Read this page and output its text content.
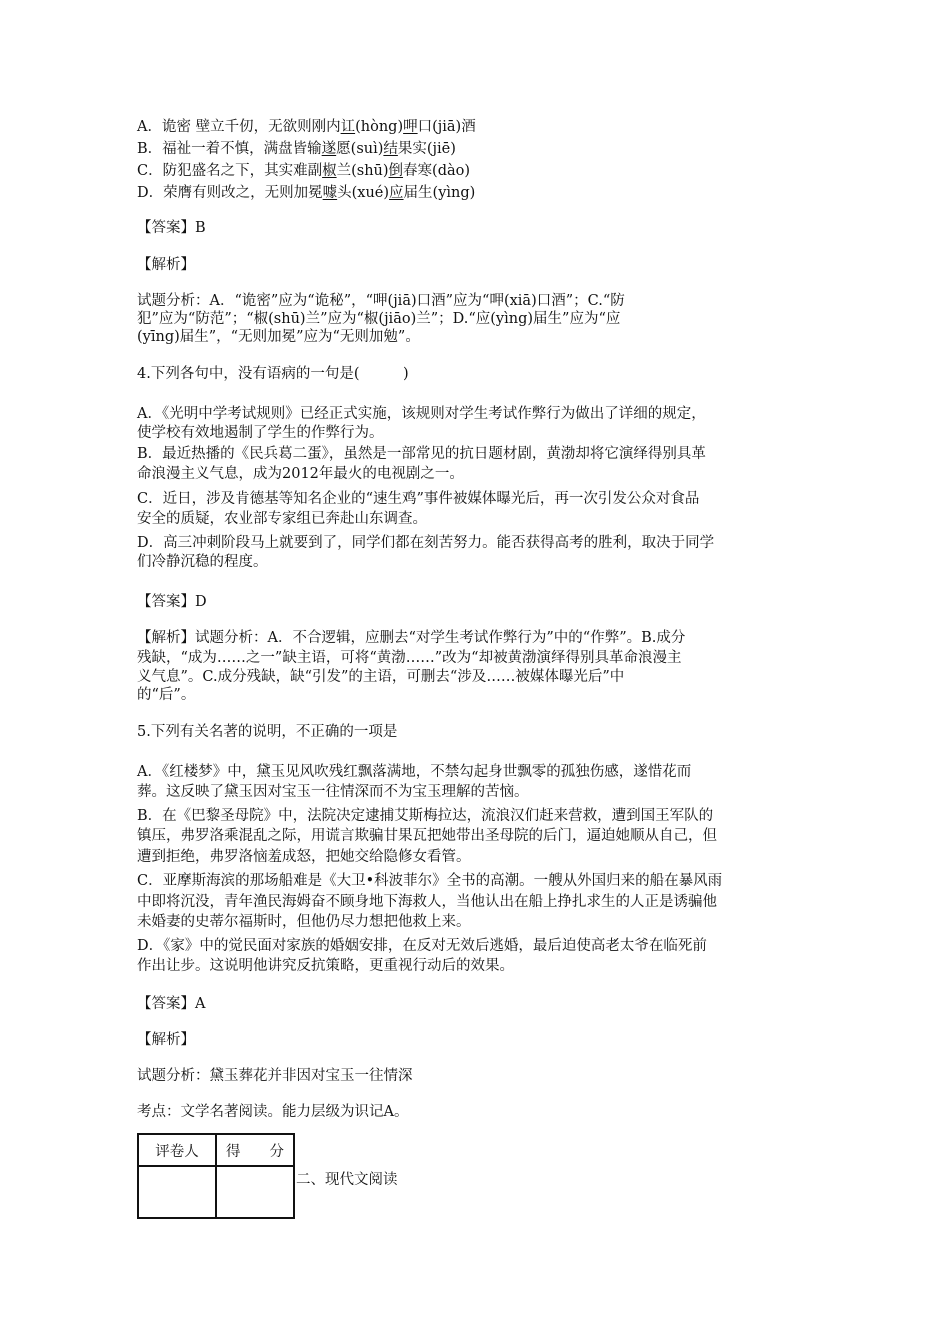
A．诡密 壁立千仞，无欲则刚内讧(hòng)呷口(jiā)酒
B．福祉一着不慎，满盘皆输遂愿(suì)结果实(jiē)
C．防犯盛名之下，其实难副椒兰(shū)倒春寒(dào)
D．荣膺有则改之，无则加冕噱头(xué)应届生(yìng)
【答案】B
【解析】
试题分析：A．“诡密”应为“诡秘”，“呷(jiā)口酒”应为“呷(xiā)口酒”；C.“防
犯”应为“防范”；“椒(shū)兰”应为“椒(jiāo)兰”；D.“应(yìng)届生”应为“应
(yīng)届生”，“无则加冕”应为“无则加勉”。
4.下列各句中，没有语病的一句是(　　　)
A．《光明中学考试规则》已经正式实施，该规则对学生考试作弊行为做出了详细的规定，
使学校有效地遏制了学生的作弊行为。
B．最近热播的《民兵葛二蛋》，虽然是一部常见的抗日题材剧，黄渤却将它演绎得别具革
命浪漫主义气息，成为2012年最火的电视剧之一。
C．近日，涉及肯德基等知名企业的“速生鸡”事件被媒体曝光后，再一次引发公众对食品
安全的质疑，农业部专家组已奔赴山东调查。
D．高三冲刺阶段马上就要到了，同学们都在刻苦努力。能否获得高考的胜利，取决于同学
们冷静沉稳的程度。
【答案】D
【解析】试题分析：A．不合逻辑，应删去“对学生考试作弊行为”中的“作弊”。B.成分
残缺，“成为……之一”缺主语，可将“黄渤……”改为“却被黄渤演绎得别具革命浪漫主
义气息”。C.成分残缺，缺“引发”的主语，可删去“涉及……被媒体曝光后”中
的“后”。
5.下列有关名著的说明，不正确的一项是
A．《红楼梦》中，黛玉见风吹残红飘落满地，不禁勾起身世飘零的孤独伤感，遂惜花而
葬。这反映了黛玉因对宝玉一往情深而不为宝玉理解的苦恼。
B．在《巴黎圣母院》中，法院决定逮捕艾斯梅拉达，流浪汉们赶来营救，遭到国王军队的
镇压，弗罗洛乘混乱之际，用谎言欺骗甘果瓦把她带出圣母院的后门，逼迫她顺从自己，但
遭到拒绝，弗罗洛恼羞成怒，把她交给隐修女看管。
C．亚摩斯海滨的那场船难是《大卫•科波菲尔》全书的高潮。一艘从外国归来的船在暴风雨
中即将沉没，青年渔民海姆奋不顾身地下海救人，当他认出在船上挣扎求生的人正是诱骗他
未婚妻的史蒂尔福斯时，但他仍尽力想把他救上来。
D．《家》中的觉民面对家族的婚姻安排，在反对无效后逃婚，最后迫使高老太爷在临死前
作出让步。这说明他讲究反抗策略，更重视行动后的效果。
【答案】A
【解析】
试题分析：黛玉葬花并非因对宝玉一往情深
考点：文学名著阅读。能力层级为识记A。
评卷人	得　　分

二、现代文阅读
